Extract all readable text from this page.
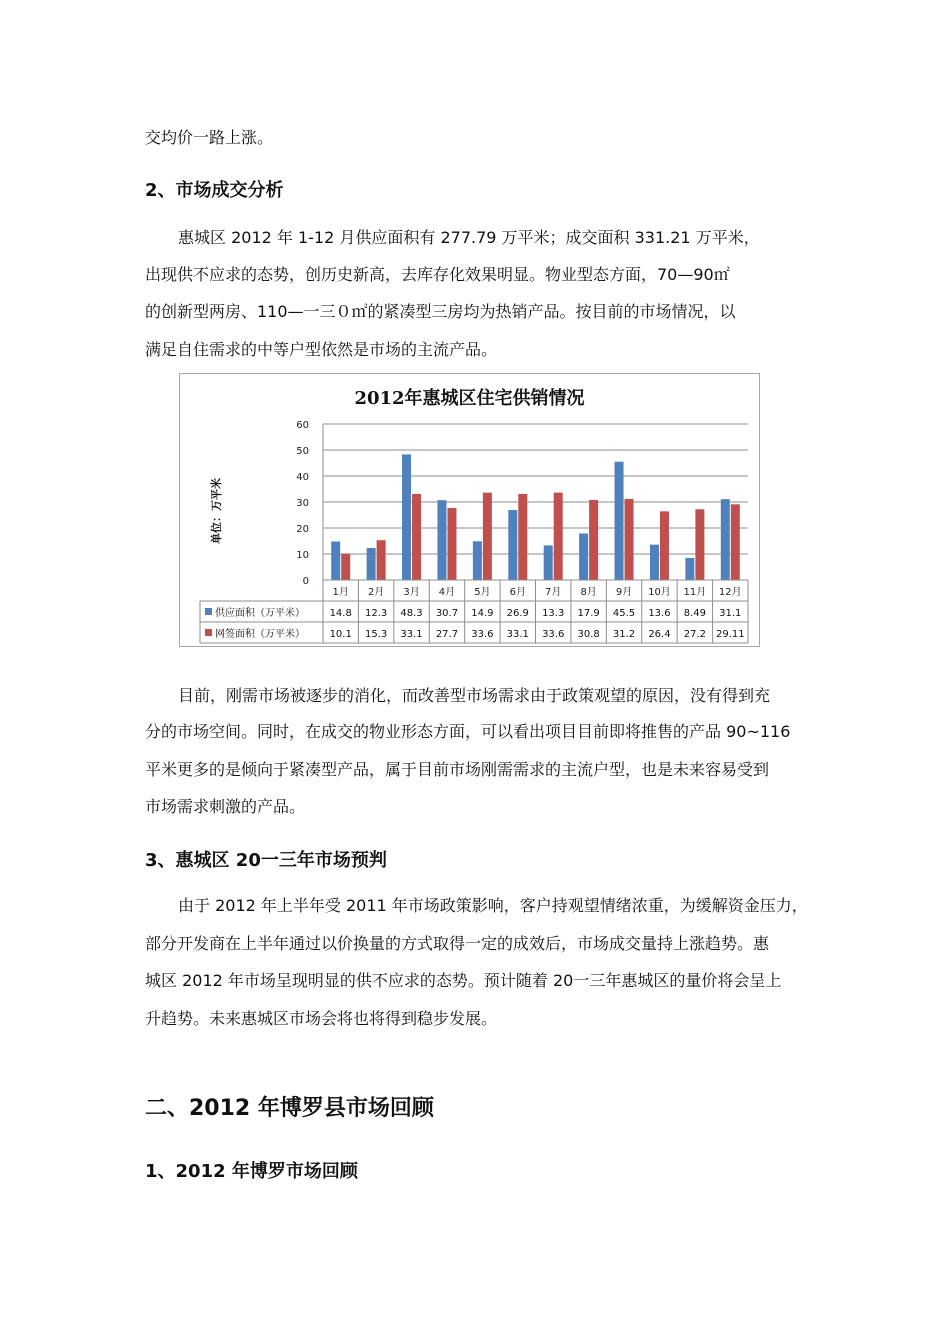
交均价一路上涨。
2、市场成交分析
惠城区 2012 年 1-12 月供应面积有 277.79 万平米；成交面积 331.21 万平米，
出现供不应求的态势，创历史新高，去库存化效果明显。物业型态方面，70—90㎡
的创新型两房、110—一三０㎡的紧凑型三房均为热销产品。按目前的市场情况，以
满足自住需求的中等户型依然是市场的主流产品。
2012年惠城区住宅供销情况
单位：万平米
0
10
20
30
40
50
60
1月 2月 3月 4月 5月 6月 7月 8月 9月 10月 11月 12月
供应面积（万平米） 14.8 12.3 48.3 30.7 14.9 26.9 13.3 17.9 45.5 13.6 8.49 31.1
网签面积（万平米） 10.1 15.3 33.1 27.7 33.6 33.1 33.6 30.8 31.2 26.4 27.2 29.11
目前，刚需市场被逐步的消化，而改善型市场需求由于政策观望的原因，没有得到充
分的市场空间。同时，在成交的物业形态方面，可以看出项目目前即将推售的产品 90~116
平米更多的是倾向于紧凑型产品，属于目前市场刚需需求的主流户型，也是未来容易受到
市场需求刺激的产品。
3、惠城区 20一三年市场预判
由于 2012 年上半年受 2011 年市场政策影响，客户持观望情绪浓重，为缓解资金压力，
部分开发商在上半年通过以价换量的方式取得一定的成效后，市场成交量持上涨趋势。惠
城区 2012 年市场呈现明显的供不应求的态势。预计随着 20一三年惠城区的量价将会呈上
升趋势。未来惠城区市场会将也将得到稳步发展。
二、2012 年博罗县市场回顾
1、2012 年博罗市场回顾
